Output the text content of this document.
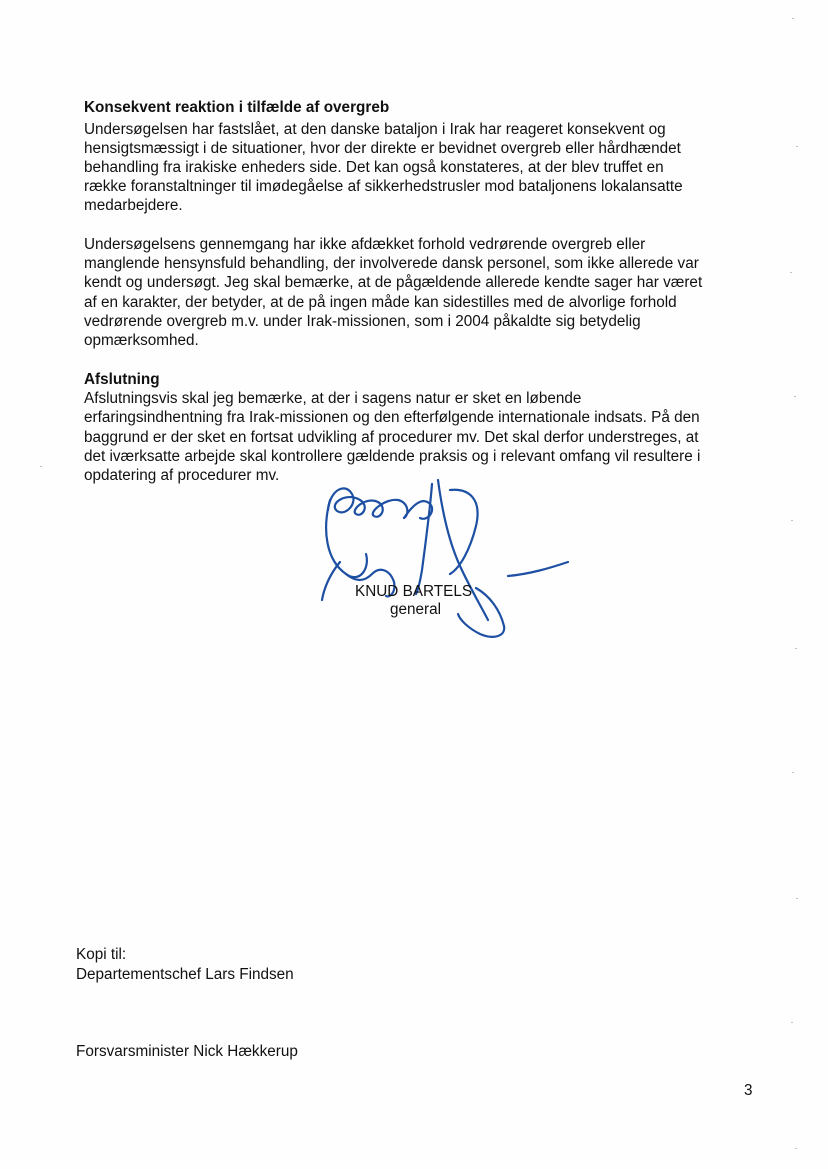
Konsekvent reaktion i tilfælde af overgreb
Undersøgelsen har fastslået, at den danske bataljon i Irak har reageret konsekvent og
hensigtsmæssigt i de situationer, hvor der direkte er bevidnet overgreb eller hårdhændet
behandling fra irakiske enheders side. Det kan også konstateres, at der blev truffet en
række foranstaltninger til imødegåelse af sikkerhedstrusler mod bataljonens lokalansatte
medarbejdere.
Undersøgelsens gennemgang har ikke afdækket forhold vedrørende overgreb eller
manglende hensynsfuld behandling, der involverede dansk personel, som ikke allerede var
kendt og undersøgt. Jeg skal bemærke, at de pågældende allerede kendte sager har været
af en karakter, der betyder, at de på ingen måde kan sidestilles med de alvorlige forhold
vedrørende overgreb m.v. under Irak-missionen, som i 2004 påkaldte sig betydelig
opmærksomhed.
Afslutning
Afslutningsvis skal jeg bemærke, at der i sagens natur er sket en løbende
erfaringsindhentning fra Irak-missionen og den efterfølgende internationale indsats. På den
baggrund er der sket en fortsat udvikling af procedurer mv. Det skal derfor understreges, at
det iværksatte arbejde skal kontrollere gældende praksis og i relevant omfang vil resultere i
opdatering af procedurer mv.
KNUD BARTELS
general
Kopi til:
Departementschef Lars Findsen
Forsvarsminister Nick Hækkerup
3
